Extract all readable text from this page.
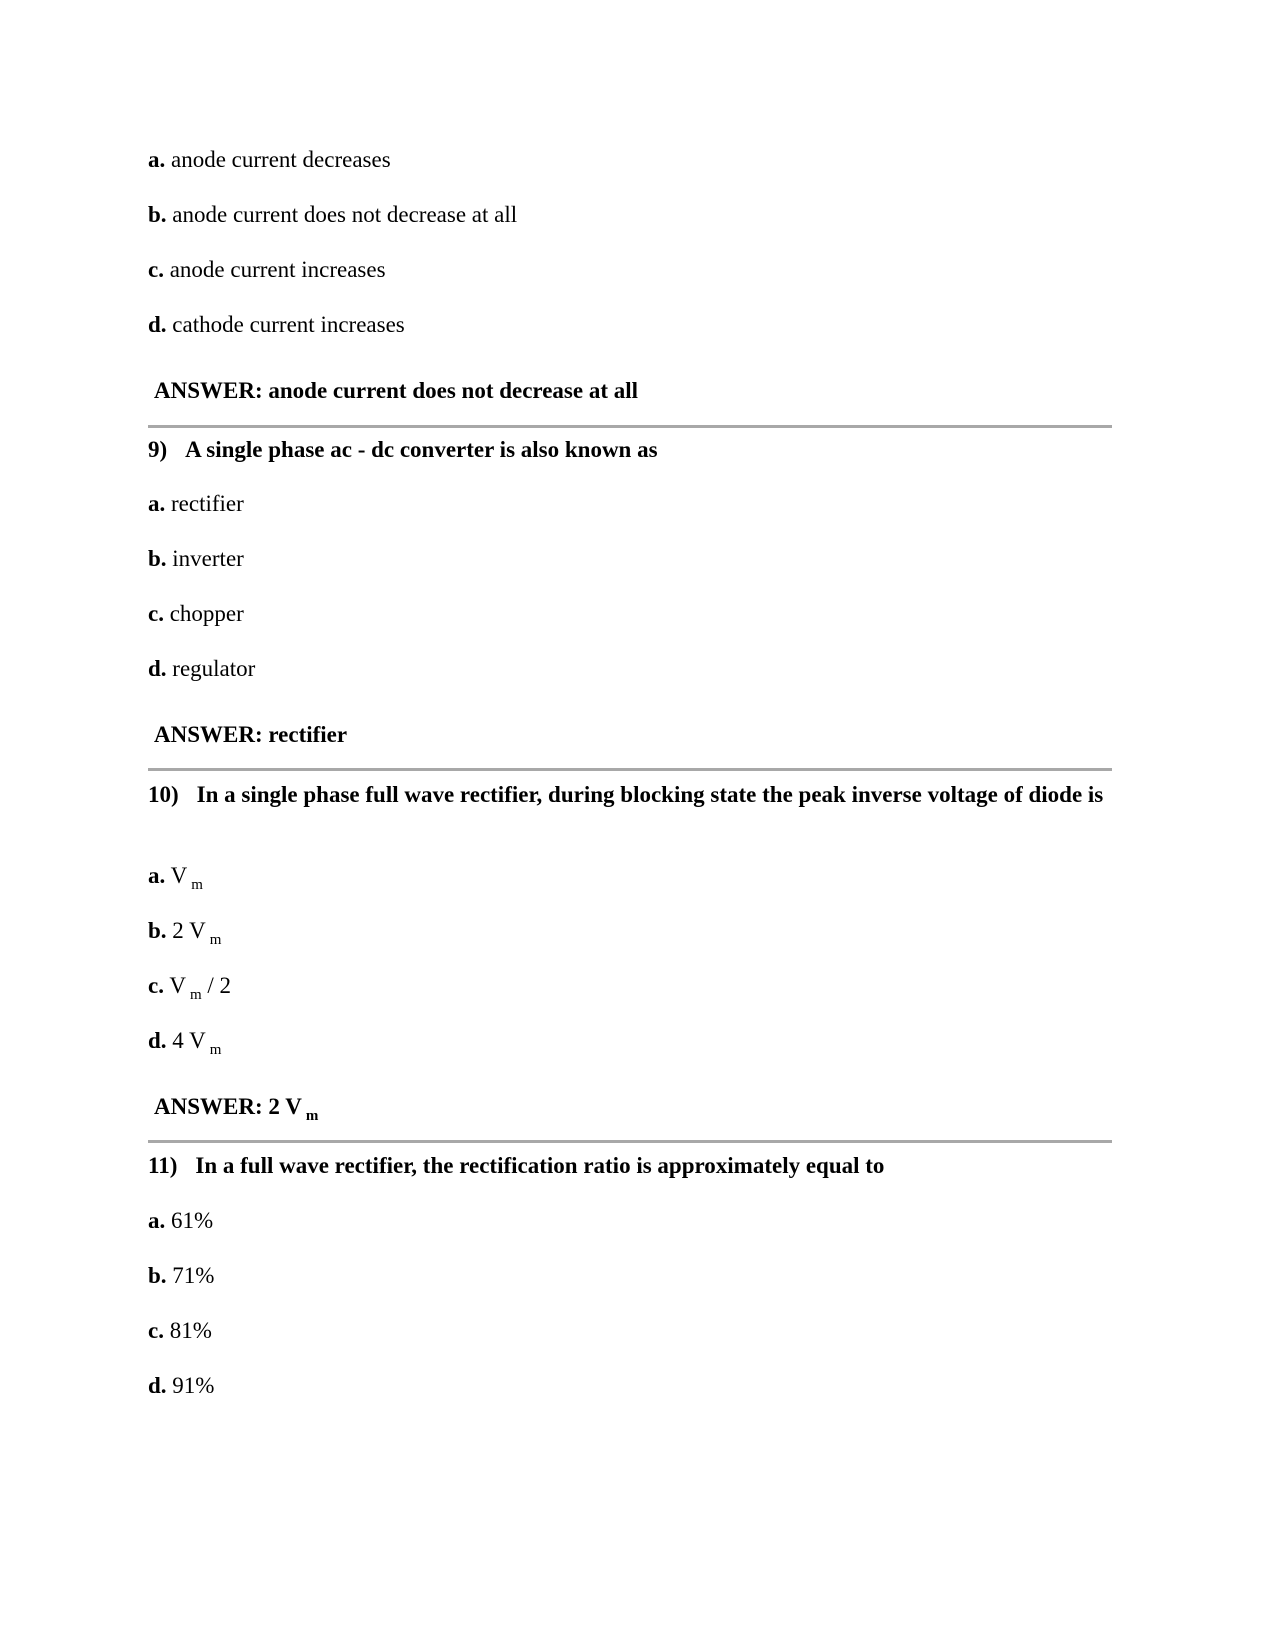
a. anode current decreases
b. anode current does not decrease at all
c. anode current increases
d. cathode current increases
ANSWER: anode current does not decrease at all
9) A single phase ac - dc converter is also known as
a. rectifier
b. inverter
c. chopper
d. regulator
ANSWER: rectifier
10) In a single phase full wave rectifier, during blocking state the peak inverse voltage of diode is
a. V $_m$
b. 2 V $_m$
c. V $_m$ / 2
d. 4 V $_m$
ANSWER: 2 V $_m$
11) In a full wave rectifier, the rectification ratio is approximately equal to
a. 61%
b. 71%
c. 81%
d. 91%
